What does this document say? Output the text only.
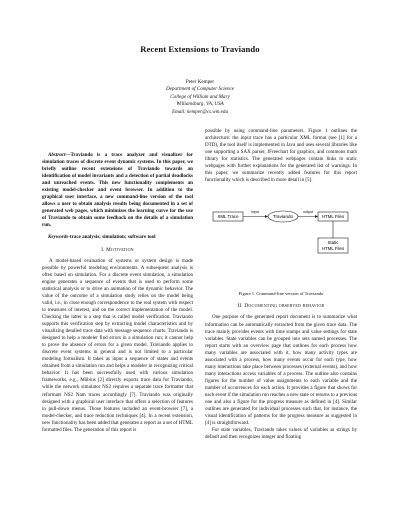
Recent Extensions to Traviando
Peter Kemper
Department of Computer Science
College of William and Mary
Williamsburg, VA, USA
Email: kemper@cs.wm.edu

Abstract—Traviando is a trace analyzer and visualizer for simulation traces of discrete event dynamic systems. In this paper, we briefly outline recent extensions of Traviando towards an identification of model invariants and a detection of partial deadlocks and unreached events. This new functionality complements an existing model-checker and event browser. In addition to the graphical user interface, a new command-line version of the tool allows a user to obtain analysis results being documented in a set of generated web pages, which minimizes the learning curve for the use of Traviando to obtain some feedback on the details of a simulation run.

Keywords-trace analysis; simulation; software tool

I. Motivation

A model-based evaluation of systems or system design is made possible by powerful modeling environments. A subsequent analysis is often based on simulation. For a discrete event simulation, a simulation engine generates a sequence of events that is used to perform some statistical analysis or to drive an animation of the dynamic behavior. The value of the outcome of a simulation study relies on the model being valid, i.e., in close enough correspondence to the real system with respect to measures of interest, and on the correct implementation of the model. Checking the latter is a step that is called model verification. Traviando supports this verification step by extracting model characteristics and by visualizing detailed trace data with message sequence charts. Traviando is designed to help a modeler find errors in a simulation run; it cannot help to prove the absence of errors for a given model. Traviando applies to discrete event systems in general and is not limited to a particular modeling formalism. It takes as input a sequence of states and events obtained from a simulation run and helps a modeler in recognizing critical behavior. It has been successfully used with various simulation frameworks, e.g., Möbius [2] directly exports trace data for Traviando, while the network simulator NS2 requires a separate trace formatter that reformats NS2 Nam traces accordingly [7]. Traviando was originally designed with a graphical user interface that offers a selection of features in pull-down menus. Those features included an event-browser [7], a model-checker, and trace reduction techniques [4]. In a recent extension, new functionality has been added that generates a report as a set of HTML formatted files. The generation of this report is

possible by using command-line parameters. Figure 1 outlines the architecture: the input trace has a particular XML format (see [1] for a DTD), the tool itself is implemented in Java and uses several libraries like one supporting a SAX parser, JFreechart for graphics, and commons math library for statistics. The generated webpages contain links to static webpages with further explanations for the generated list of warnings. In this paper, we summarize recently added features for this report functionality which is described in more detail in [5].

XML Trace
input
Traviando
output
HTML Files
Static
HTML Files
Figure 1. Command-line version of Traviando
II. Documenting observed behavior

One purpose of the generated report document is to summarize what information can be automatically extracted from the given trace data. The trace mainly provides events with time stamps and value settings for state variables. State variables can be grouped into sets named processes. The report starts with an overview page that outlines for each process how many variables are associated with it, how many activity types are associated with a process, how many events occur for each type, how many interactions take place between processes (external events), and how many interactions access variables of a process. The outline also contains figures for the number of value assignments to each variable and the number of occurrences for each action. It provides a figure that shows for each event if the simulation run reaches a new state or returns to a previous one and also a figure for the progress measure as defined in [4]. Similar outlines are generated for individual processes such that, for instance, the visual identification of patterns for the progress measure as suggested in [4] is straightforward.

For state variables, Traviando takes values of variables as strings by default and then recognizes integer and floating
